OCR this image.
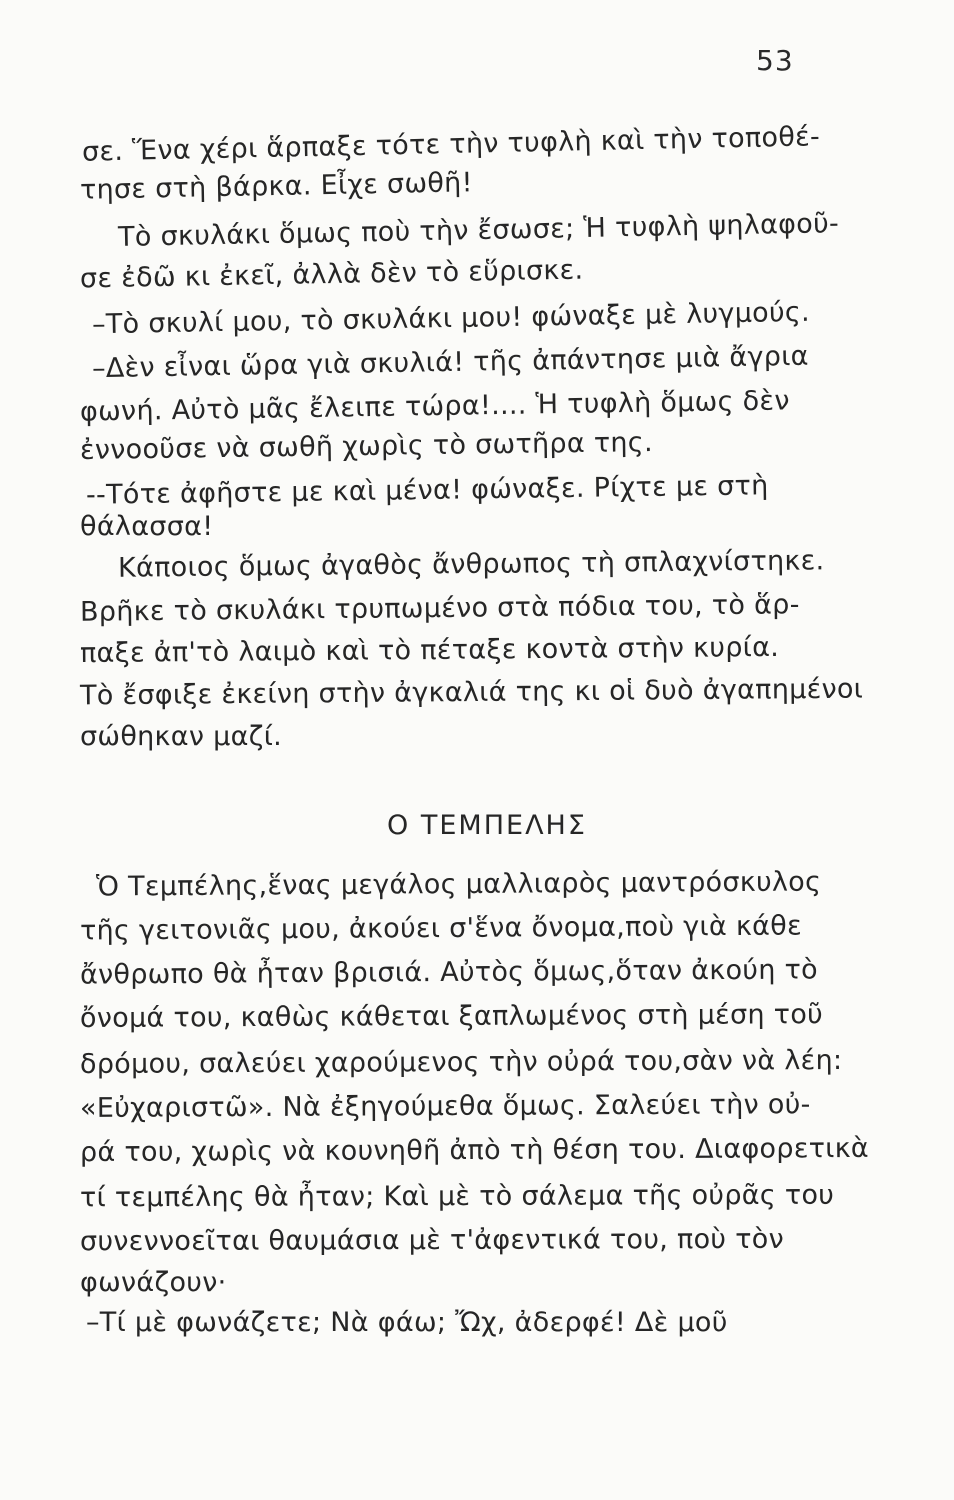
53
σε. Ἕνα χέρι ἅρπαξε τότε τὴν τυφλὴ καὶ τὴν τοποθέ-
τησε στὴ βάρκα. Εἶχε σωθῆ!
Τὸ σκυλάκι ὅμως ποὺ τὴν ἔσωσε; Ἡ τυφλὴ ψηλαφοῦ-
σε ἐδῶ κι ἐκεῖ, ἀλλὰ δὲν τὸ εὕρισκε.
–Τὸ σκυλί μου, τὸ σκυλάκι μου! φώναξε μὲ λυγμούς.
–Δὲν εἶναι ὥρα γιὰ σκυλιά! τῆς ἀπάντησε μιὰ ἄγρια
φωνή. Αὐτὸ μᾶς ἔλειπε τώρα!.... Ἡ τυφλὴ ὅμως δὲν
ἐννοοῦσε νὰ σωθῆ χωρὶς τὸ σωτῆρα της.
--Τότε ἀφῆστε με καὶ μένα! φώναξε. Ρίχτε με στὴ
θάλασσα!
Κάποιος ὅμως ἀγαθὸς ἄνθρωπος τὴ σπλαχνίστηκε.
Βρῆκε τὸ σκυλάκι τρυπωμένο στὰ πόδια του, τὸ ἅρ-
παξε ἀπ'τὸ λαιμὸ καὶ τὸ πέταξε κοντὰ στὴν κυρία.
Τὸ ἔσφιξε ἐκείνη στὴν ἀγκαλιά της κι οἱ δυὸ ἀγαπημένοι
σώθηκαν μαζί.
Ο ΤΕΜΠΕΛΗΣ
Ὁ Τεμπέλης,ἕνας μεγάλος μαλλιαρὸς μαντρόσκυλος
τῆς γειτονιᾶς μου, ἀκούει σ'ἕνα ὄνομα,ποὺ γιὰ κάθε
ἄνθρωπο θὰ ἦταν βρισιά. Αὐτὸς ὅμως,ὅταν ἀκούη τὸ
ὄνομά του, καθὼς κάθεται ξαπλωμένος στὴ μέση τοῦ
δρόμου, σαλεύει χαρούμενος τὴν οὐρά του,σὰν νὰ λέη:
«Εὐχαριστῶ». Νὰ ἐξηγούμεθα ὅμως. Σαλεύει τὴν οὐ-
ρά του, χωρὶς νὰ κουνηθῆ ἀπὸ τὴ θέση του. Διαφορετικὰ
τί τεμπέλης θὰ ἦταν; Καὶ μὲ τὸ σάλεμα τῆς οὐρᾶς του
συνεννοεῖται θαυμάσια μὲ τ'ἀφεντικά του, ποὺ τὸν
φωνάζουν·
–Τί μὲ φωνάζετε; Νὰ φάω; Ὤχ, ἀδερφέ! Δὲ μοῦ
